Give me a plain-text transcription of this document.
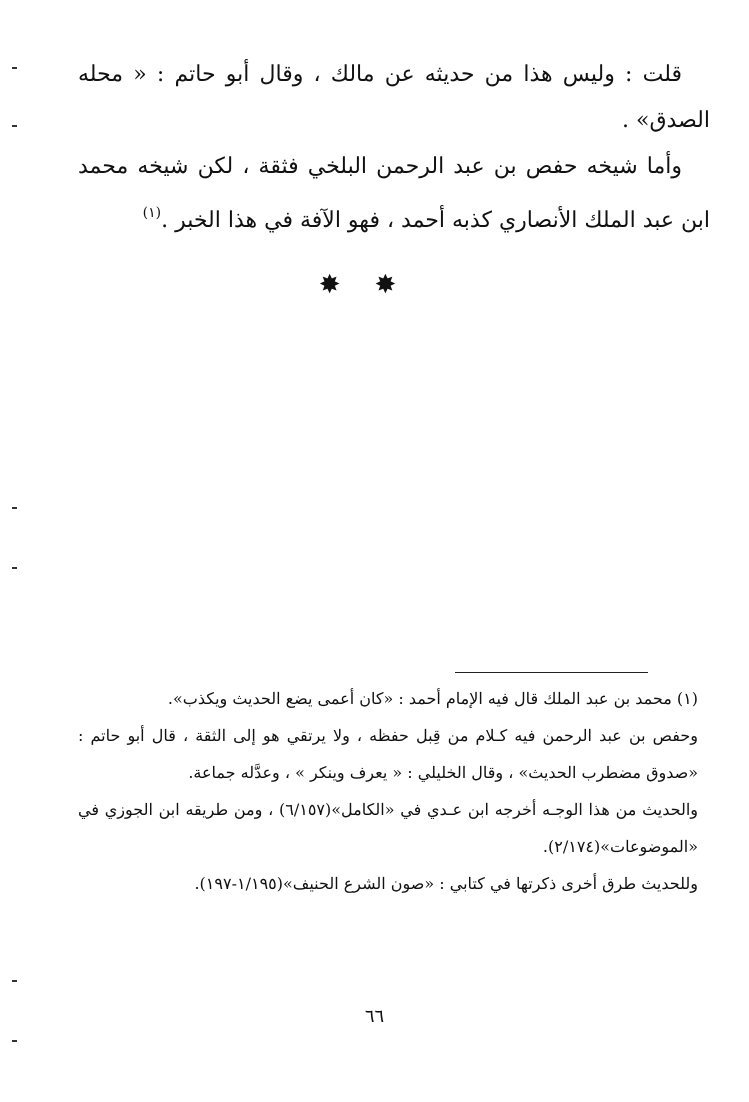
قلت : وليس هذا من حديثه عن مالك ، وقال أبو حاتم : « محله الصدق» .

وأما شيخه حفص بن عبد الرحمن البلخي فثقة ، لكن شيخه محمد ابن عبد الملك الأنصاري كذبه أحمد ، فهو الآفة في هذا الخبر .$^{(١)}$

✸✸

(١) محمد بن عبد الملك قال فيه الإمام أحمد : «كان أعمى يضع الحديث ويكذب».

وحفص بن عبد الرحمن فيه كـلام من قِبل حفظه ، ولا يرتقي هو إلى الثقة ، قال أبو حاتم : «صدوق مضطرب الحديث» ، وقال الخليلي : « يعرف وينكر » ، وعدَّله جماعة.

والحديث من هذا الوجـه أخرجه ابن عـدي في «الكامل»(٦/١٥٧) ، ومن طريقه ابن الجوزي في «الموضوعات»(٢/١٧٤).

وللحديث طرق أخرى ذكرتها في كتابي : «صون الشرع الحنيف»(١/١٩٥-١٩٧).

٦٦
